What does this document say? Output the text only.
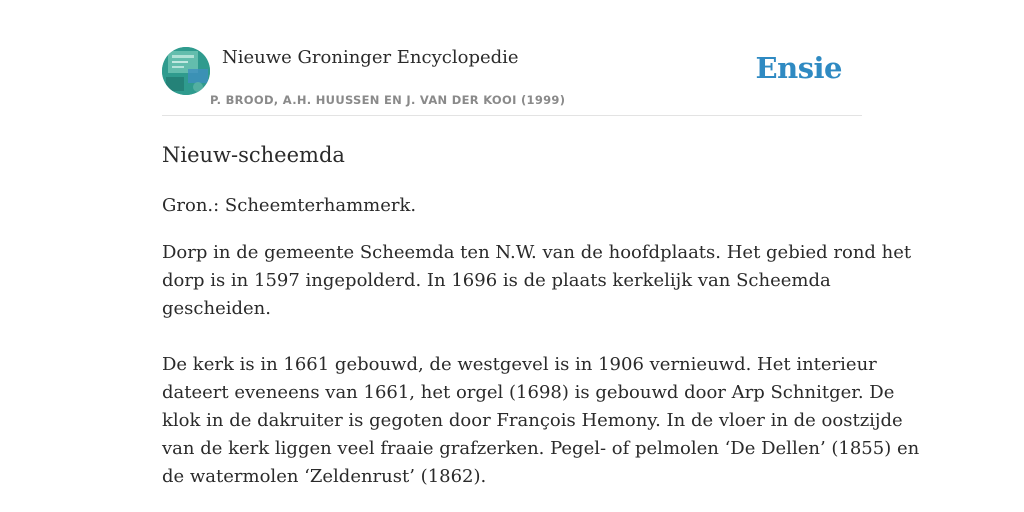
Nieuwe Groninger Encyclopedie
P. BROOD, A.H. HUUSSEN EN J. VAN DER KOOI (1999)
Ensie
Nieuw-scheemda

Gron.: Scheemterhammerk.

Dorp in de gemeente Scheemda ten N.W. van de hoofdplaats. Het gebied rond het
dorp is in 1597 ingepolderd. In 1696 is de plaats kerkelijk van Scheemda
gescheiden.

De kerk is in 1661 gebouwd, de westgevel is in 1906 vernieuwd. Het interieur
dateert eveneens van 1661, het orgel (1698) is gebouwd door Arp Schnitger. De
klok in de dakruiter is gegoten door François Hemony. In de vloer in de oostzijde
van de kerk liggen veel fraaie grafzerken. Pegel- of pelmolen ‘De Dellen’ (1855) en
de watermolen ‘Zeldenrust’ (1862).
